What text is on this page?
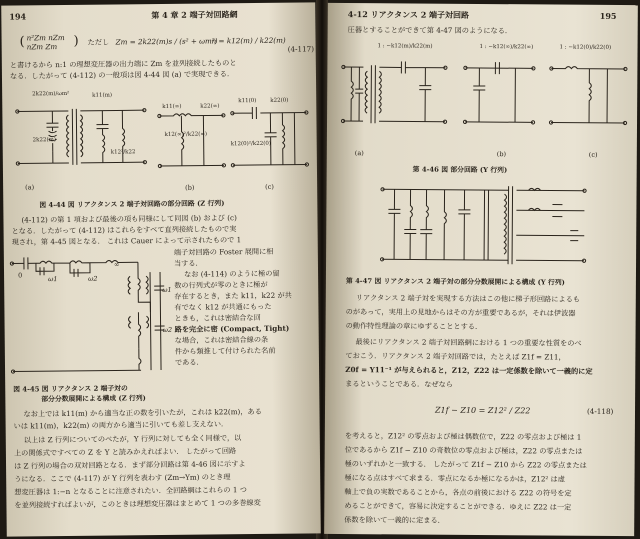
194	第 4 章 2 端子対回路網
( n²Zm nZm
nZm Zm ) ただし Zm = 2k22(m)s / (s² + ωm²)
n = k12(m) / k22(m)
(4-117)
と書けるから n:1 の理想変圧器の出力端に Zm を並列接続したものと
なる．したがって (4-112) の一般項は図 4-44 図 (a) で実現できる．
2k22(m)/ωm²
2k22(m)
k12²/k22
k11(m)
k11(∞)
k12(∞)²/k22(∞)
k22(∞)
k11(0)	k22(0)
k12(0)²/k22(0)
(a)	(b)	(c)
図 4-44 図 リアクタンス 2 端子対回路の部分回路 (Z 行列)
(4-112) の第 1 項および最後の項も同様にして同図 (b) および (c)
となる．したがって (4-112) はこれらをすべて直列接続したもので実
現され，第 4-45 図となる． これは Cauer によって示されたもので 1
0	ω1	ω2
∞
ω1
ω2
図 4-45 図 リアクタンス 2 端子対の
部分分数展開による構成 (Z 行列)
端子対回路の Foster 展開に相
当する．
なお (4-114) のように極の留
数の行列式が零のときに極が
存在するとき，また k11，k22 が共
有でなく k12 が共通にもった
ときも，これは密結合な回
路を完全に密 (Compact, Tight)
な場合，これは密結合線の条
件から類推して付けられた名前
である．
なお上では k11(m) から適当な正の数を引いたが，これは k22(m)，ある
いは k11(m)，k22(m) の両方から適当に引いても差し支えない．
以上は Z 行列についてのべたが，Y 行列に対しても全く同様で，以
上の関係式ですべての Z を Y と読みかえればよい． したがって回路
は Z 行列の場合の双対回路となる．まず部分回路は第 4-46 図に示すよ
うになる．ここで (4-117) が Y 行列を表わす (Zm→Ym) のとき理
想変圧器は 1:−n となることに注意されたい．全回路網はこれらの 1 つ
を並列接続すればよいが，このときは理想変圧器はまとめて 1 つの多巻線変
4-12 リアクタンス 2 端子対回路	195
圧器とすることができて第 4-47 図のようになる．
1 : −k12(m)/k22(m)	1 : −k12(∞)/k22(∞)	1 : −k12(0)/k22(0)
(a)	(b)	(c)
第 4-46 図 部分回路 (Y 行列)
第 4-47 図 リアクタンス 2 端子対の部分分数展開による構成 (Y 行列)
リアクタンス 2 端子対を実現する方法はこの他に梯子形回路によるも
のがあって，実用上の見地からはその方が重要であるが，それは伊波器
の動作特性理論の章にゆずることとする．
最後にリアクタンス 2 端子対回路網における 1 つの重要な性質をのべ
ておこう．リアクタンス 2 端子対回路では，たとえば Z1f = Z11，
Z0f = Y11⁻¹ が与えられると，Z12，Z22 は一定係数を除いて一義的に定
まるということである．なぜなら
Z1f − Z10 = Z12² / Z22	(4-118)
を考えると，Z12² の零点および極は偶数位で，Z22 の零点および極は 1
位であるから Z1f − Z10 の奇数位の零点および極は，Z22 の零点または
極のいずれかと一致する． したがって Z1f − Z10 から Z22 の零点または
極になる点はすべて求まる．零点になるか極になるかは，Z12² は虚
軸上で負の実数であることから，各点の前後における Z22 の符号を定
めることができて，容易に決定することができる．ゆえに Z22 は一定
係数を除いて一義的に定まる．
